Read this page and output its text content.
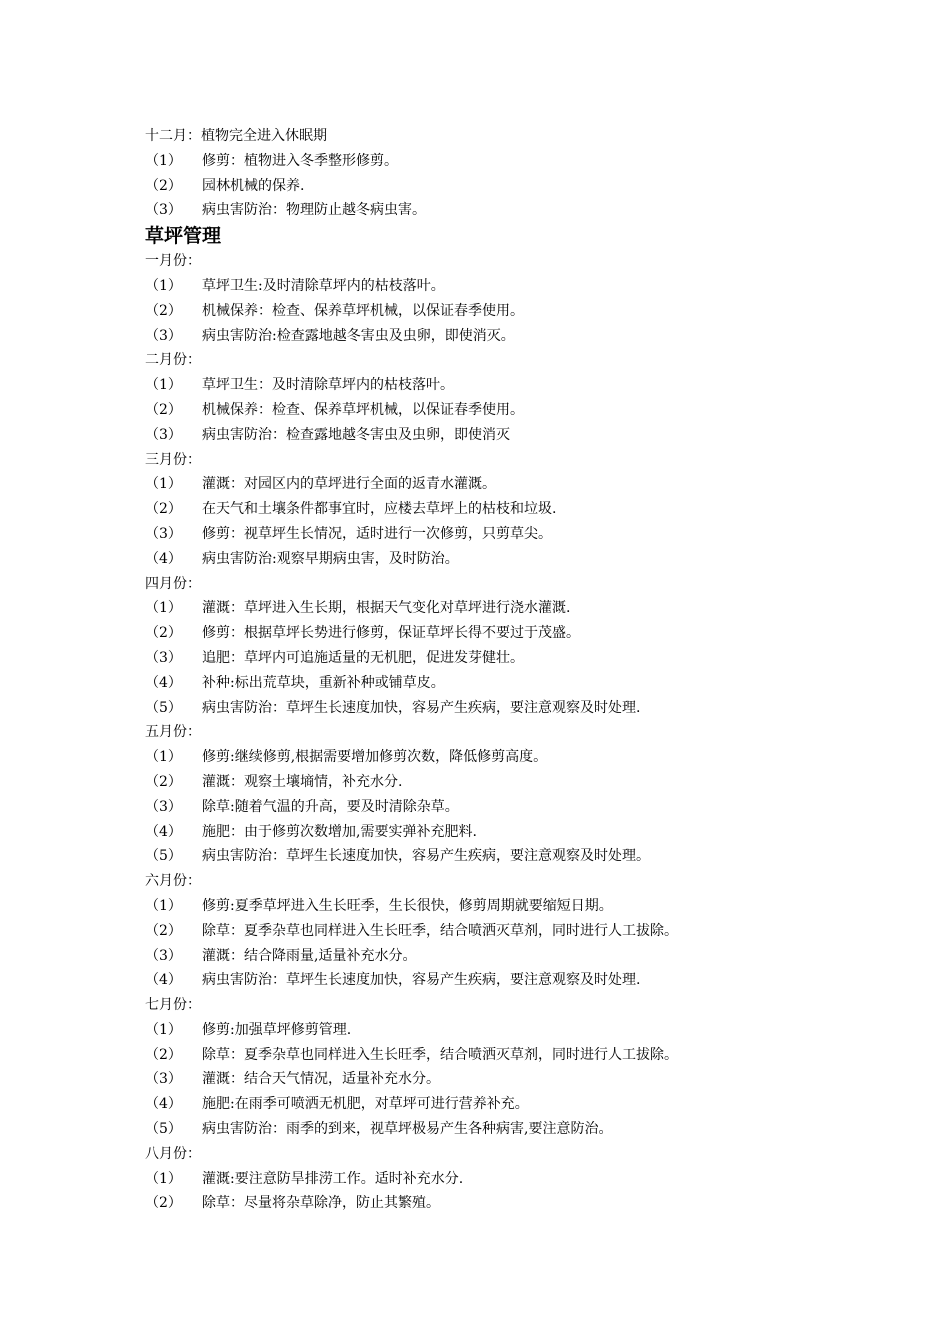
十二月：植物完全进入休眠期
（1） 修剪：植物进入冬季整形修剪。
（2） 园林机械的保养.
（3） 病虫害防治：物理防止越冬病虫害。
草坪管理
一月份：
（1） 草坪卫生:及时清除草坪内的枯枝落叶。
（2） 机械保养：检查、保养草坪机械，以保证春季使用。
（3） 病虫害防治:检查露地越冬害虫及虫卵，即使消灭。
二月份：
（1） 草坪卫生：及时清除草坪内的枯枝落叶。
（2） 机械保养：检查、保养草坪机械，以保证春季使用。
（3） 病虫害防治：检查露地越冬害虫及虫卵，即使消灭
三月份：
（1） 灌溉：对园区内的草坪进行全面的返青水灌溉。
（2） 在天气和土壤条件都事宜时，应楼去草坪上的枯枝和垃圾.
（3） 修剪：视草坪生长情况，适时进行一次修剪，只剪草尖。
（4） 病虫害防治:观察早期病虫害，及时防治。
四月份：
（1） 灌溉：草坪进入生长期，根据天气变化对草坪进行浇水灌溉.
（2） 修剪：根据草坪长势进行修剪，保证草坪长得不要过于茂盛。
（3） 追肥：草坪内可追施适量的无机肥，促进发芽健壮。
（4） 补种:标出荒草块，重新补种或铺草皮。
（5） 病虫害防治：草坪生长速度加快，容易产生疾病，要注意观察及时处理.
五月份：
（1） 修剪:继续修剪,根据需要增加修剪次数，降低修剪高度。
（2） 灌溉：观察土壤墒情，补充水分.
（3） 除草:随着气温的升高，要及时清除杂草。
（4） 施肥：由于修剪次数增加,需要实弹补充肥料.
（5） 病虫害防治：草坪生长速度加快，容易产生疾病，要注意观察及时处理。
六月份：
（1） 修剪:夏季草坪进入生长旺季，生长很快，修剪周期就要缩短日期。
（2） 除草：夏季杂草也同样进入生长旺季，结合喷洒灭草剂，同时进行人工拔除。
（3） 灌溉：结合降雨量,适量补充水分。
（4） 病虫害防治：草坪生长速度加快，容易产生疾病，要注意观察及时处理.
七月份：
（1） 修剪:加强草坪修剪管理.
（2） 除草：夏季杂草也同样进入生长旺季，结合喷洒灭草剂，同时进行人工拔除。
（3） 灌溉：结合天气情况，适量补充水分。
（4） 施肥:在雨季可喷洒无机肥，对草坪可进行营养补充。
（5） 病虫害防治：雨季的到来，视草坪极易产生各种病害,要注意防治。
八月份：
（1） 灌溉:要注意防旱排涝工作。适时补充水分.
（2） 除草：尽量将杂草除净，防止其繁殖。
